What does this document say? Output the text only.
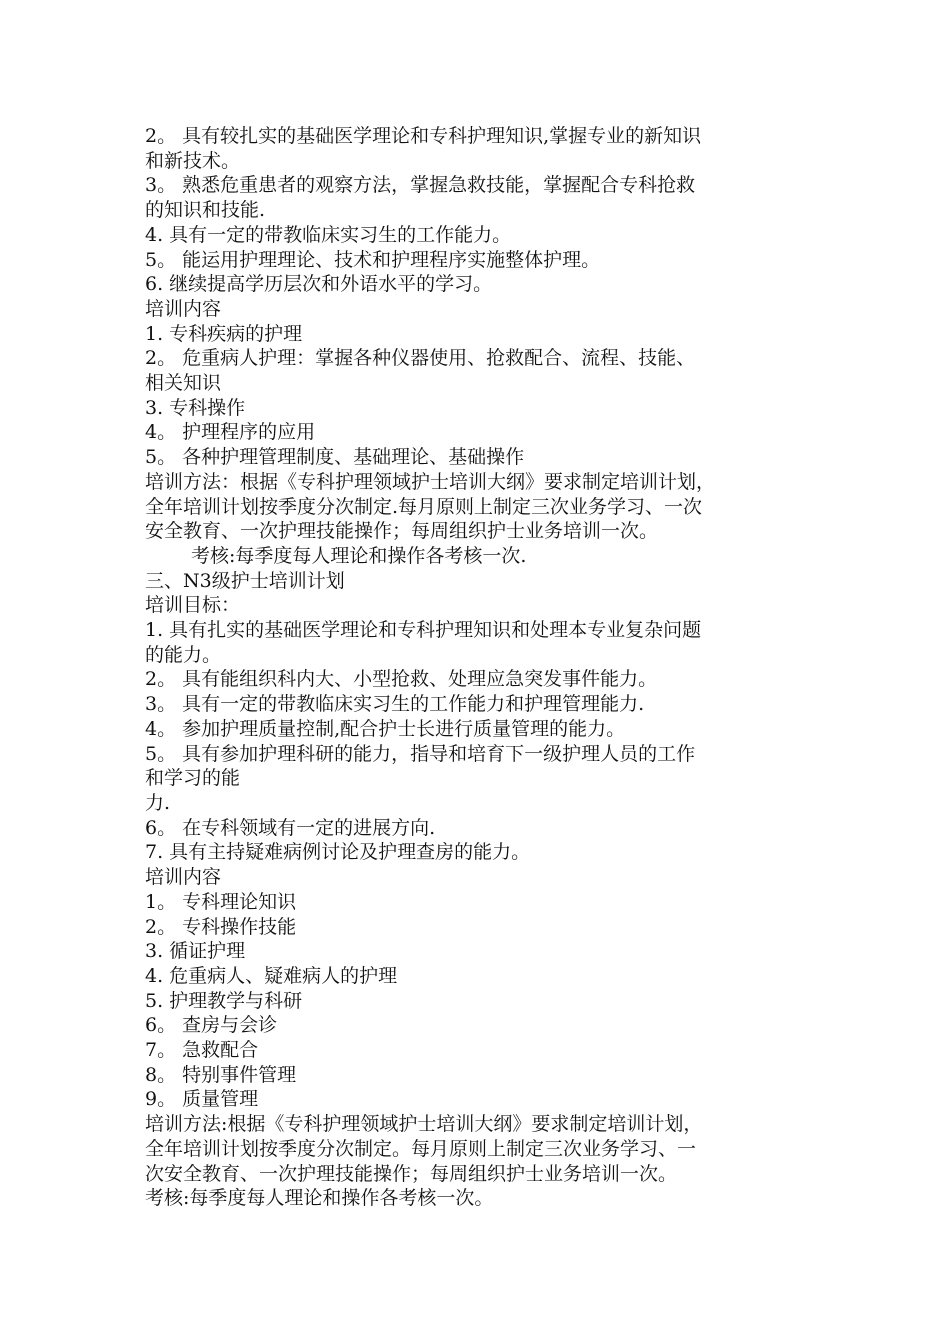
2。 具有较扎实的基础医学理论和专科护理知识,掌握专业的新知识
和新技术。
3。 熟悉危重患者的观察方法，掌握急救技能，掌握配合专科抢救
的知识和技能.
4. 具有一定的带教临床实习生的工作能力。
5。 能运用护理理论、技术和护理程序实施整体护理。
6. 继续提高学历层次和外语水平的学习。
培训内容
1. 专科疾病的护理
2。 危重病人护理：掌握各种仪器使用、抢救配合、流程、技能、
相关知识
3. 专科操作
4。 护理程序的应用
5。 各种护理管理制度、基础理论、基础操作
培训方法：根据《专科护理领域护士培训大纲》要求制定培训计划，
全年培训计划按季度分次制定.每月原则上制定三次业务学习、一次
安全教育、一次护理技能操作；每周组织护士业务培训一次。
考核:每季度每人理论和操作各考核一次.
三、N3级护士培训计划
培训目标：
1. 具有扎实的基础医学理论和专科护理知识和处理本专业复杂问题
的能力。
2。 具有能组织科内大、小型抢救、处理应急突发事件能力。
3。 具有一定的带教临床实习生的工作能力和护理管理能力.
4。 参加护理质量控制,配合护士长进行质量管理的能力。
5。 具有参加护理科研的能力，指导和培育下一级护理人员的工作
和学习的能
力.
6。 在专科领域有一定的进展方向.
7. 具有主持疑难病例讨论及护理查房的能力。
培训内容
1。 专科理论知识
2。 专科操作技能
3. 循证护理
4. 危重病人、疑难病人的护理
5. 护理教学与科研
6。 查房与会诊
7。 急救配合
8。 特别事件管理
9。 质量管理
培训方法:根据《专科护理领域护士培训大纲》要求制定培训计划，
全年培训计划按季度分次制定。每月原则上制定三次业务学习、一
次安全教育、一次护理技能操作；每周组织护士业务培训一次。
考核:每季度每人理论和操作各考核一次。
